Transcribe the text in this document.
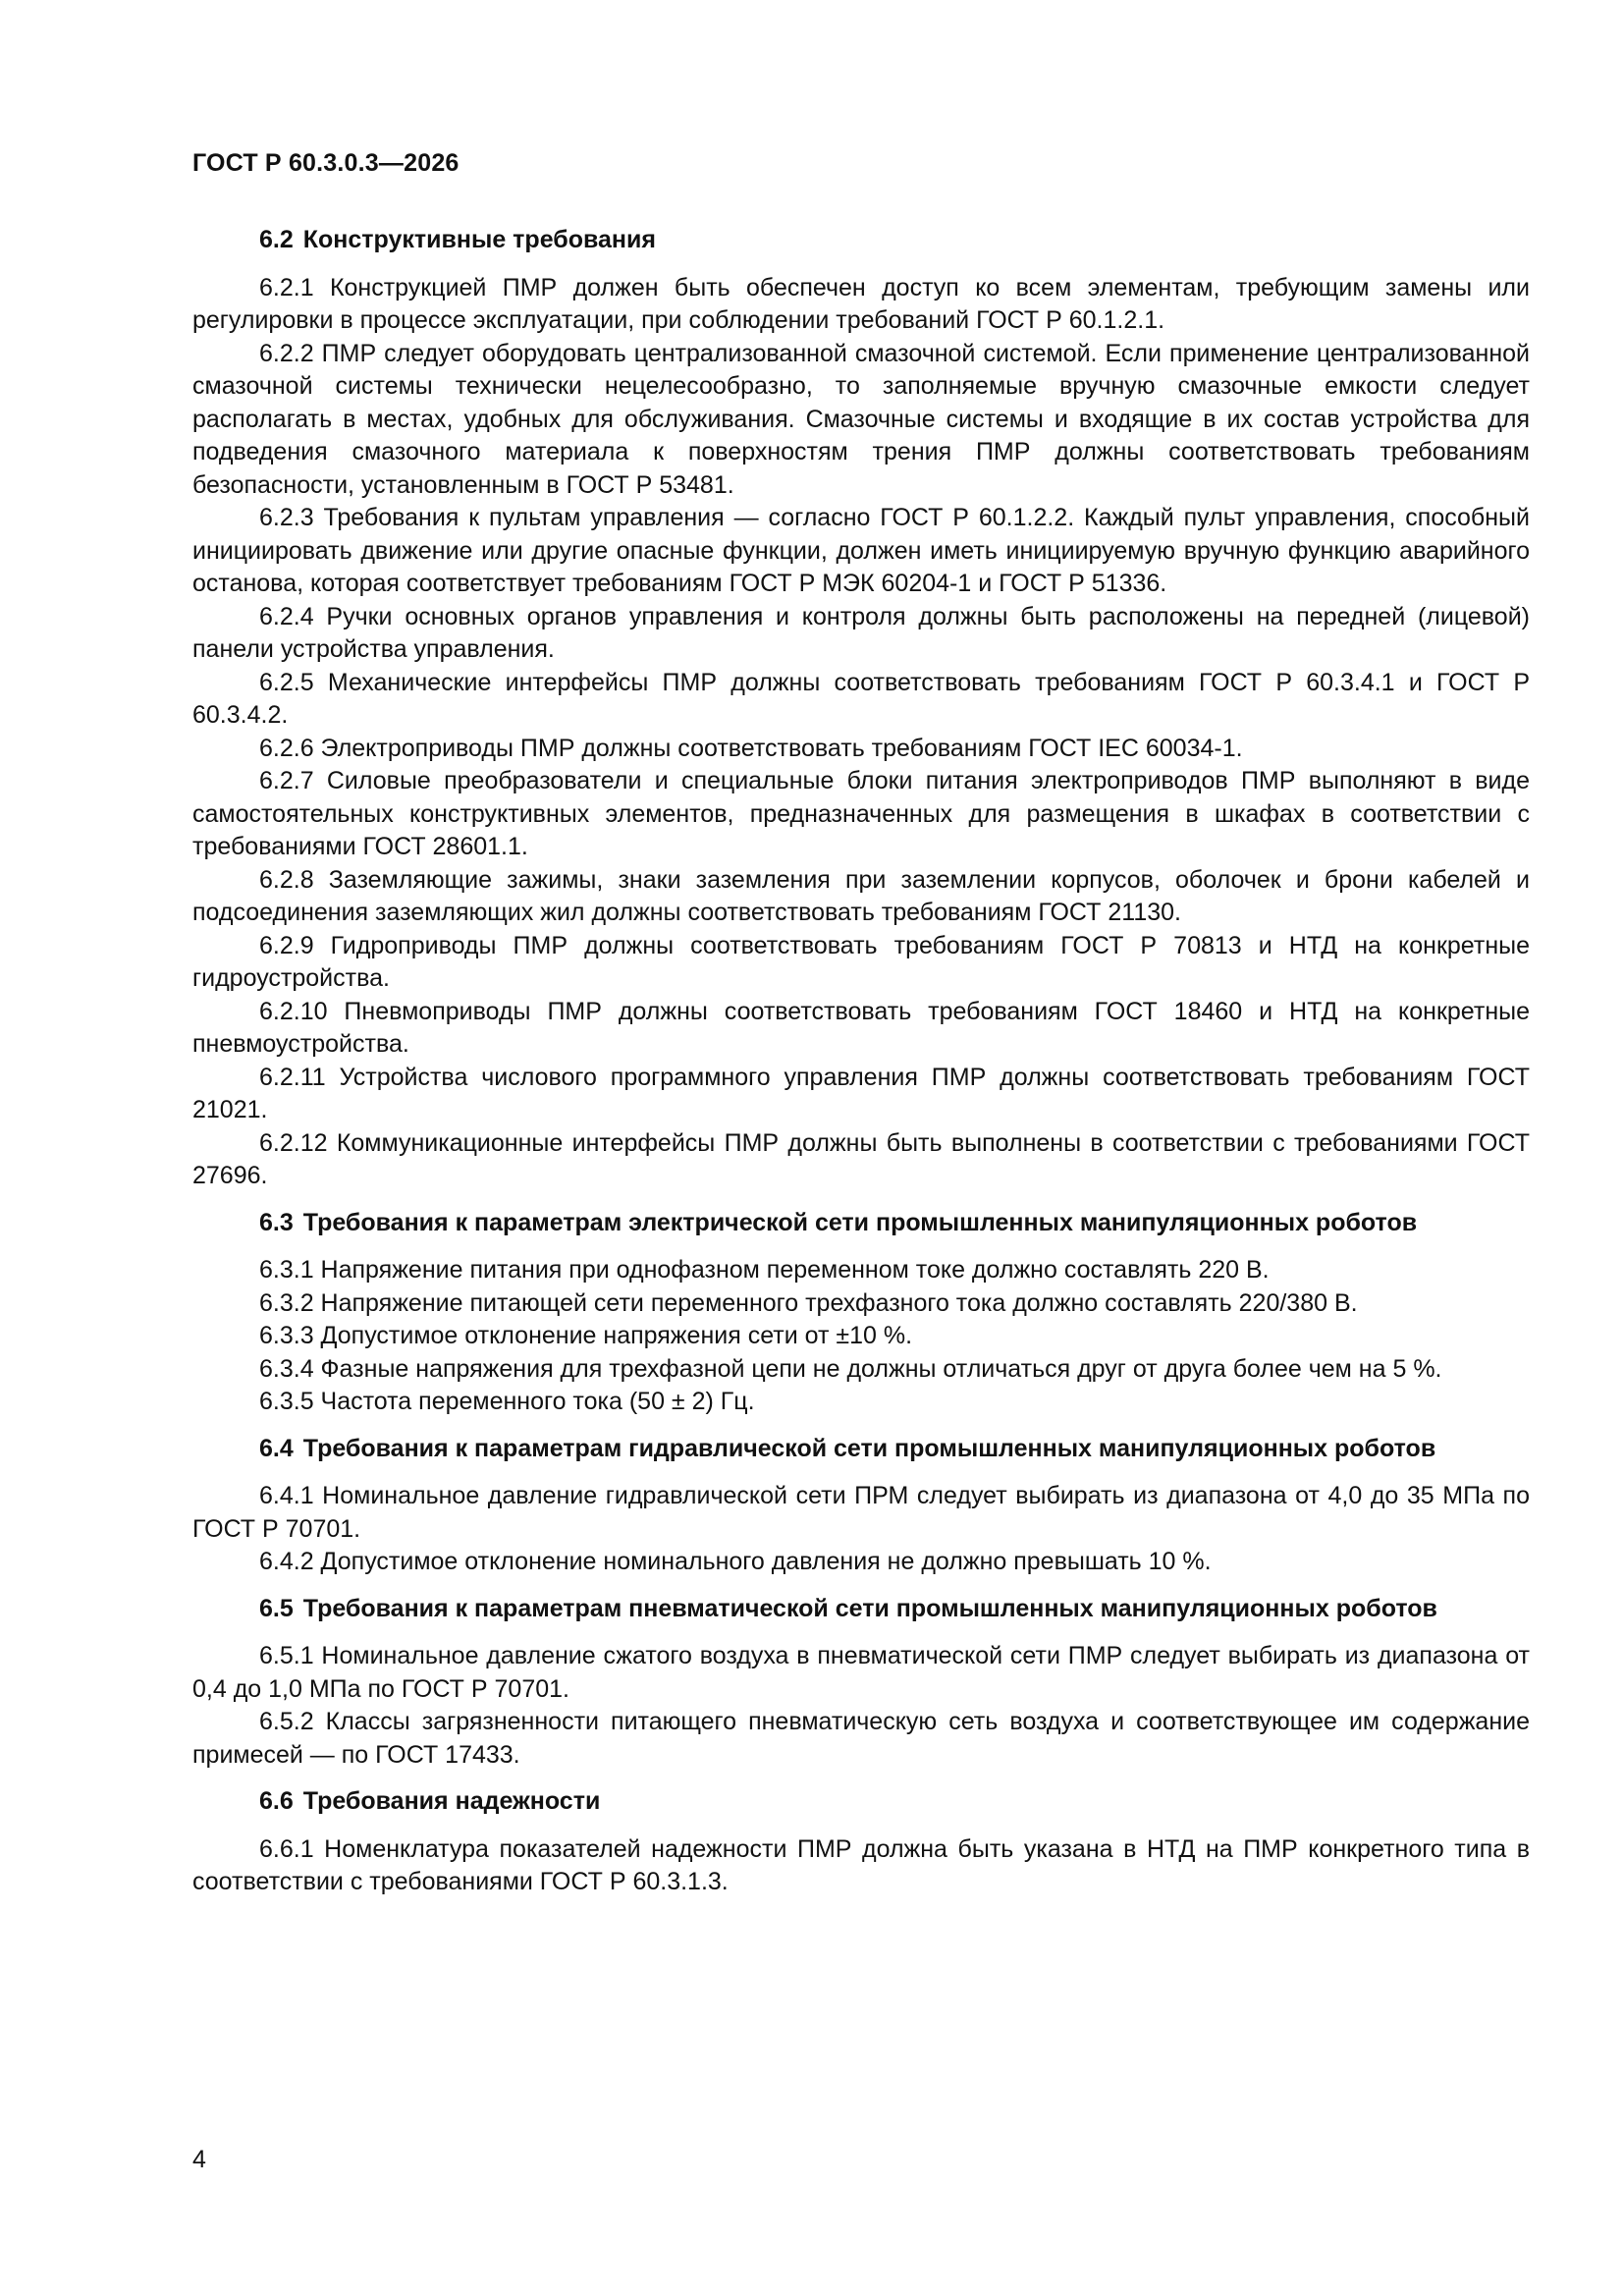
ГОСТ Р 60.3.0.3—2026
6.2 Конструктивные требования

6.2.1 Конструкцией ПМР должен быть обеспечен доступ ко всем элементам, требующим замены или регулировки в процессе эксплуатации, при соблюдении требований ГОСТ Р 60.1.2.1.

6.2.2 ПМР следует оборудовать централизованной смазочной системой. Если применение централизованной смазочной системы технически нецелесообразно, то заполняемые вручную смазочные емкости следует располагать в местах, удобных для обслуживания. Смазочные системы и входящие в их состав устройства для подведения смазочного материала к поверхностям трения ПМР должны соответствовать требованиям безопасности, установленным в ГОСТ Р 53481.

6.2.3 Требования к пультам управления — согласно ГОСТ Р 60.1.2.2. Каждый пульт управления, способный инициировать движение или другие опасные функции, должен иметь инициируемую вручную функцию аварийного останова, которая соответствует требованиям ГОСТ Р МЭК 60204-1 и ГОСТ Р 51336.

6.2.4 Ручки основных органов управления и контроля должны быть расположены на передней (лицевой) панели устройства управления.

6.2.5 Механические интерфейсы ПМР должны соответствовать требованиям ГОСТ Р 60.3.4.1 и ГОСТ Р 60.3.4.2.

6.2.6 Электроприводы ПМР должны соответствовать требованиям ГОСТ IEC 60034-1.

6.2.7 Силовые преобразователи и специальные блоки питания электроприводов ПМР выполняют в виде самостоятельных конструктивных элементов, предназначенных для размещения в шкафах в соответствии с требованиями ГОСТ 28601.1.

6.2.8 Заземляющие зажимы, знаки заземления при заземлении корпусов, оболочек и брони кабелей и подсоединения заземляющих жил должны соответствовать требованиям ГОСТ 21130.

6.2.9 Гидроприводы ПМР должны соответствовать требованиям ГОСТ Р 70813 и НТД на конкретные гидроустройства.

6.2.10 Пневмоприводы ПМР должны соответствовать требованиям ГОСТ 18460 и НТД на конкретные пневмоустройства.

6.2.11 Устройства числового программного управления ПМР должны соответствовать требованиям ГОСТ 21021.

6.2.12 Коммуникационные интерфейсы ПМР должны быть выполнены в соответствии с требованиями ГОСТ 27696.

6.3 Требования к параметрам электрической сети промышленных манипуляционных роботов

6.3.1 Напряжение питания при однофазном переменном токе должно составлять 220 В.

6.3.2 Напряжение питающей сети переменного трехфазного тока должно составлять 220/380 В.

6.3.3 Допустимое отклонение напряжения сети от ±10 %.

6.3.4 Фазные напряжения для трехфазной цепи не должны отличаться друг от друга более чем на 5 %.

6.3.5 Частота переменного тока (50 ± 2) Гц.

6.4 Требования к параметрам гидравлической сети промышленных манипуляционных роботов

6.4.1 Номинальное давление гидравлической сети ПРМ следует выбирать из диапазона от 4,0 до 35 МПа по ГОСТ Р 70701.

6.4.2 Допустимое отклонение номинального давления не должно превышать 10 %.

6.5 Требования к параметрам пневматической сети промышленных манипуляционных роботов

6.5.1 Номинальное давление сжатого воздуха в пневматической сети ПМР следует выбирать из диапазона от 0,4 до 1,0 МПа по ГОСТ Р 70701.

6.5.2 Классы загрязненности питающего пневматическую сеть воздуха и соответствующее им содержание примесей — по ГОСТ 17433.

6.6 Требования надежности

6.6.1 Номенклатура показателей надежности ПМР должна быть указана в НТД на ПМР конкретного типа в соответствии с требованиями ГОСТ Р 60.3.1.3.

4
